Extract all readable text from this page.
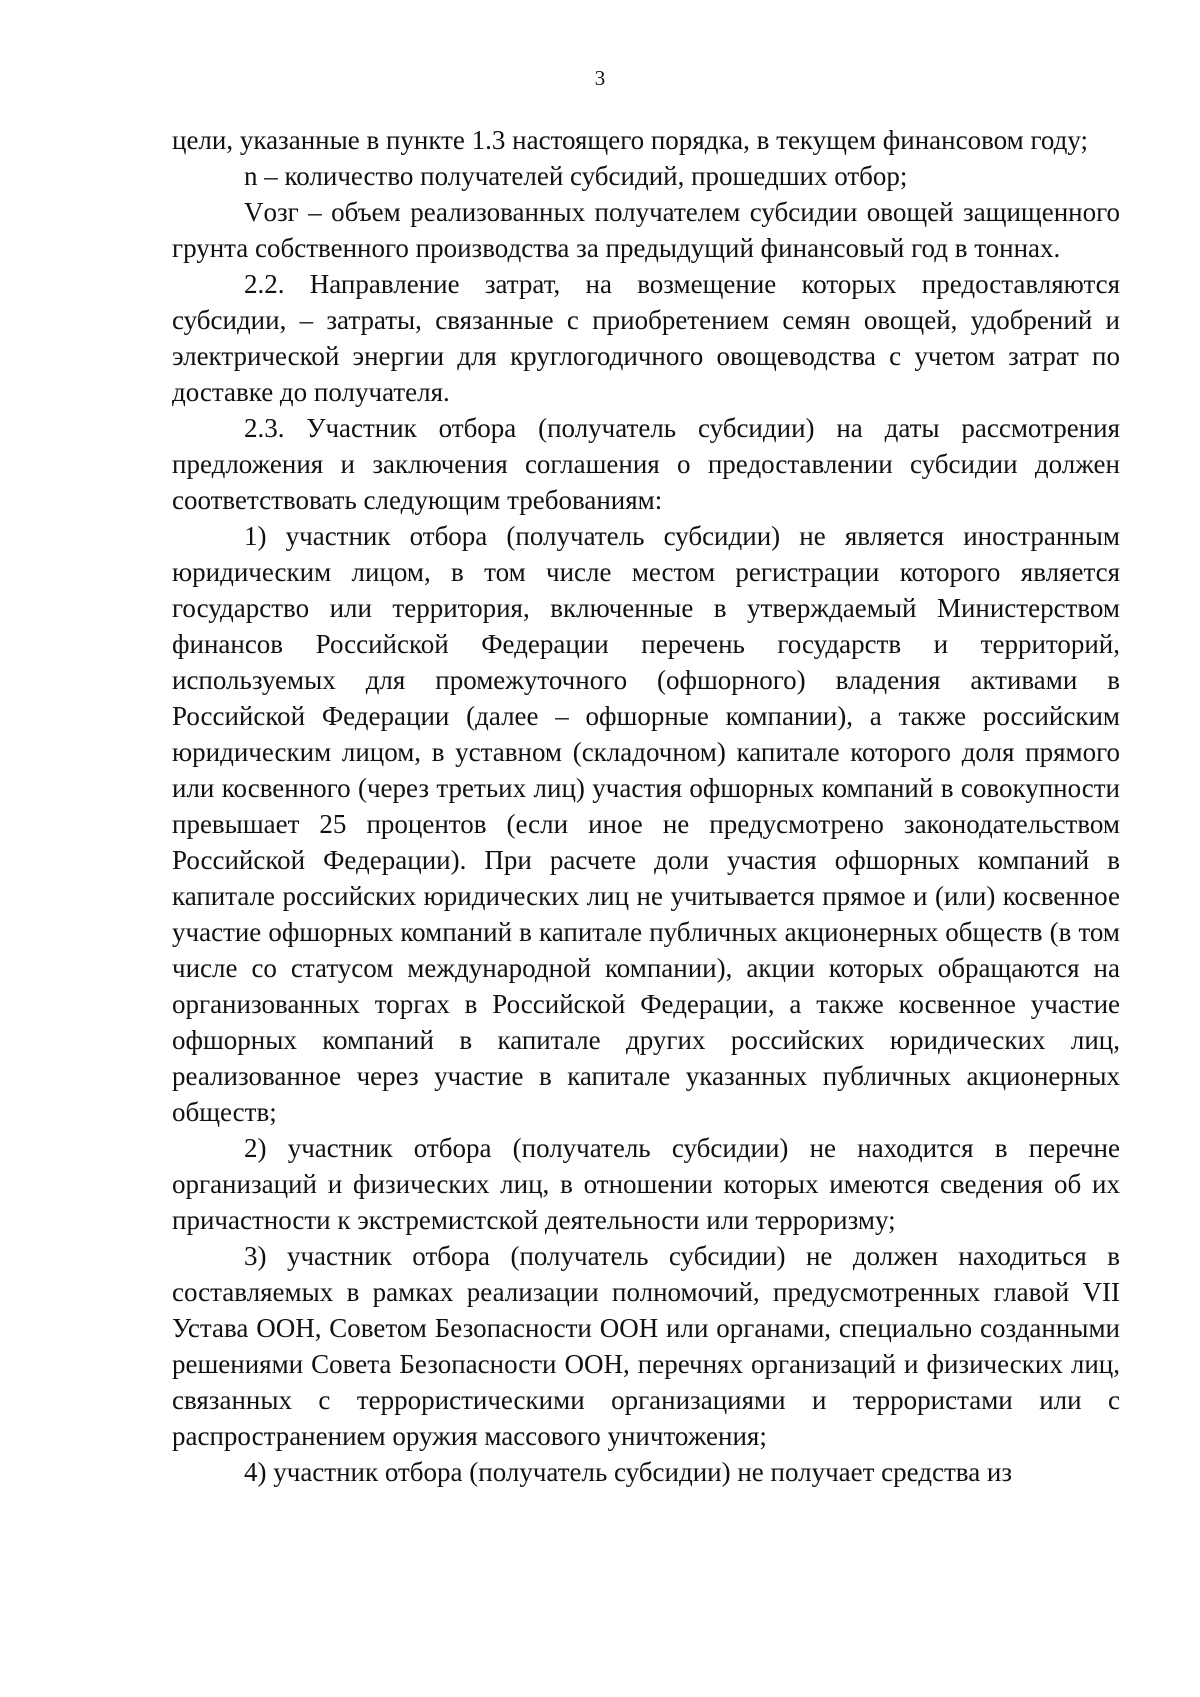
3

цели, указанные в пункте 1.3 настоящего порядка, в текущем финансовом году;

n – количество получателей субсидий, прошедших отбор;

Vозг – объем реализованных получателем субсидии овощей защищенного грунта собственного производства за предыдущий финансовый год в тоннах.

2.2. Направление затрат, на возмещение которых предоставляются субсидии, – затраты, связанные с приобретением семян овощей, удобрений и электрической энергии для круглогодичного овощеводства с учетом затрат по доставке до получателя.

2.3. Участник отбора (получатель субсидии) на даты рассмотрения предложения и заключения соглашения о предоставлении субсидии должен соответствовать следующим требованиям:

1) участник отбора (получатель субсидии) не является иностранным юридическим лицом, в том числе местом регистрации которого является государство или территория, включенные в утверждаемый Министерством финансов Российской Федерации перечень государств и территорий, используемых для промежуточного (офшорного) владения активами в Российской Федерации (далее – офшорные компании), а также российским юридическим лицом, в уставном (складочном) капитале которого доля прямого или косвенного (через третьих лиц) участия офшорных компаний в совокупности превышает 25 процентов (если иное не предусмотрено законодательством Российской Федерации). При расчете доли участия офшорных компаний в капитале российских юридических лиц не учитывается прямое и (или) косвенное участие офшорных компаний в капитале публичных акционерных обществ (в том числе со статусом международной компании), акции которых обращаются на организованных торгах в Российской Федерации, а также косвенное участие офшорных компаний в капитале других российских юридических лиц, реализованное через участие в капитале указанных публичных акционерных обществ;

2) участник отбора (получатель субсидии) не находится в перечне организаций и физических лиц, в отношении которых имеются сведения об их причастности к экстремистской деятельности или терроризму;

3) участник отбора (получатель субсидии) не должен находиться в составляемых в рамках реализации полномочий, предусмотренных главой VII Устава ООН, Советом Безопасности ООН или органами, специально созданными решениями Совета Безопасности ООН, перечнях организаций и физических лиц, связанных с террористическими организациями и террористами или с распространением оружия массового уничтожения;

4) участник отбора (получатель субсидии) не получает средства из
